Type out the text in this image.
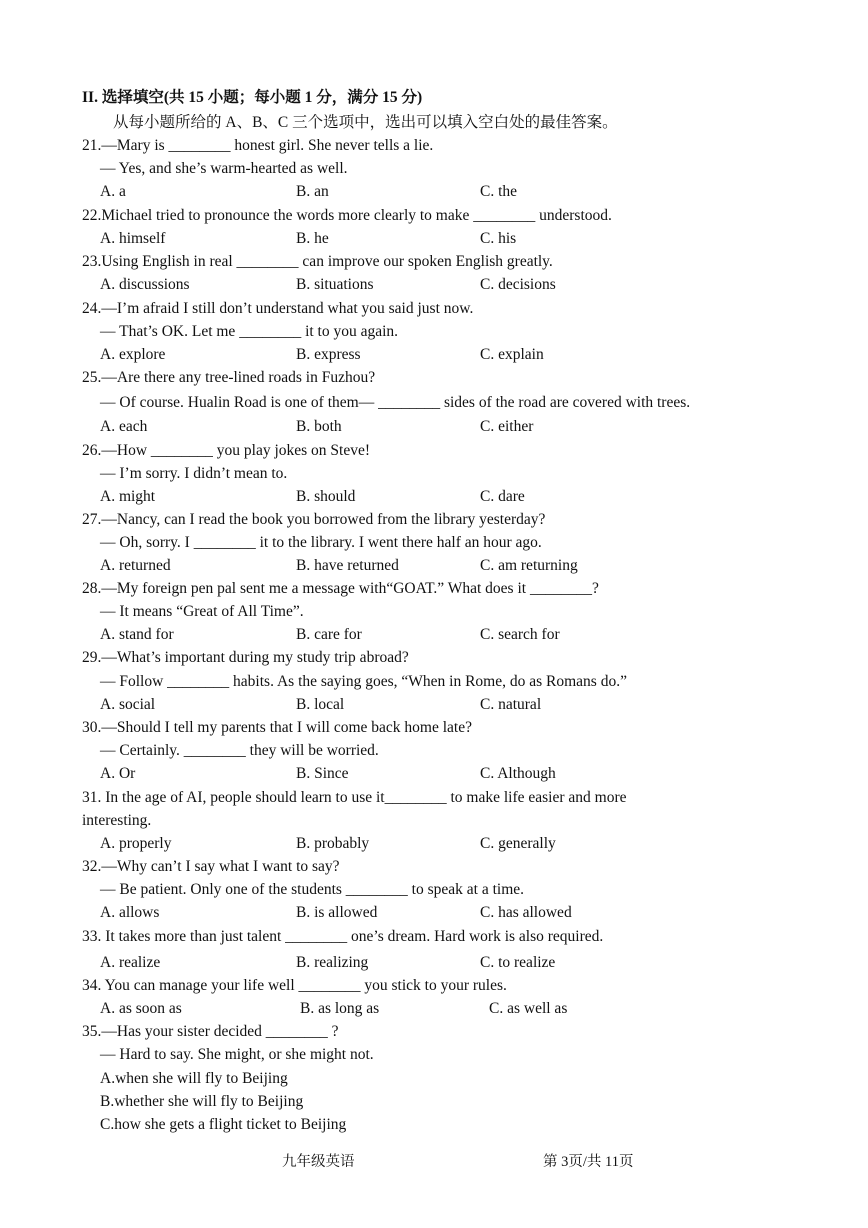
II. 选择填空(共 15 小题；每小题 1 分，满分 15 分)
从每小题所给的 A、B、C 三个选项中，选出可以填入空白处的最佳答案。
21.—Mary is ________ honest girl. She never tells a lie.
— Yes, and she’s warm-hearted as well.
A. a	B. an	C. the
22.Michael tried to pronounce the words more clearly to make ________ understood.
A. himself	B. he	C. his
23.Using English in real ________ can improve our spoken English greatly.
A. discussions	B. situations	C. decisions
24.—I’m afraid I still don’t understand what you said just now.
— That’s OK. Let me ________ it to you again.
A. explore	B. express	C. explain
25.—Are there any tree-lined roads in Fuzhou?
— Of course. Hualin Road is one of them— ________ sides of the road are covered with trees.
A. each	B. both	C. either
26.—How ________ you play jokes on Steve!
— I’m sorry. I didn’t mean to.
A. might	B. should	C. dare
27.—Nancy, can I read the book you borrowed from the library yesterday?
— Oh, sorry. I ________ it to the library. I went there half an hour ago.
A. returned	B. have returned	C. am returning
28.—My foreign pen pal sent me a message with“GOAT.” What does it ________?
— It means “Great of All Time”.
A. stand for	B. care for	C. search for
29.—What’s important during my study trip abroad?
— Follow ________ habits. As the saying goes, “When in Rome, do as Romans do.”
A. social	B. local	C. natural
30.—Should I tell my parents that I will come back home late?
— Certainly. ________ they will be worried.
A. Or	B. Since	C. Although
31. In the age of AI, people should learn to use it________ to make life easier and more
interesting.
A. properly	B. probably	C. generally
32.—Why can’t I say what I want to say?
— Be patient. Only one of the students ________ to speak at a time.
A. allows	B. is allowed	C. has allowed
33. It takes more than just talent ________ one’s dream. Hard work is also required.
A. realize	B. realizing	C. to realize
34. You can manage your life well ________ you stick to your rules.
A. as soon as	B. as long as	C. as well as
35.—Has your sister decided ________ ?
— Hard to say. She might, or she might not.
A.when she will fly to Beijing
B.whether she will fly to Beijing
C.how she gets a flight ticket to Beijing
九年级英语	第 3页/共 11页
